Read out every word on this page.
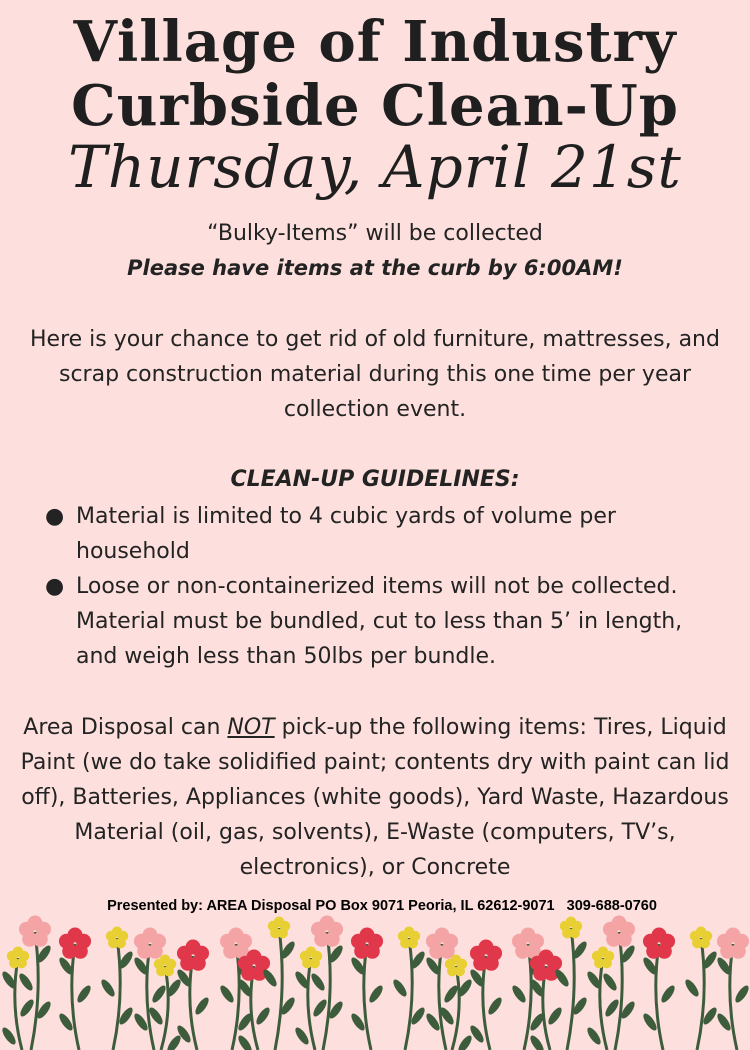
Village of Industry
Curbside Clean-Up
Thursday, April 21st
“Bulky-Items” will be collected
Please have items at the curb by 6:00AM!
Here is your chance to get rid of old furniture, mattresses, and scrap construction material during this one time per year collection event.
CLEAN-UP GUIDELINES:
● Material is limited to 4 cubic yards of volume per household
● Loose or non-containerized items will not be collected. Material must be bundled, cut to less than 5’ in length, and weigh less than 50lbs per bundle.
Area Disposal can NOT pick-up the following items: Tires, Liquid Paint (we do take solidified paint; contents dry with paint can lid off), Batteries, Appliances (white goods), Yard Waste, Hazardous Material (oil, gas, solvents), E-Waste (computers, TV’s, electronics), or Concrete
Presented by: AREA Disposal PO Box 9071 Peoria, IL 62612-9071 309-688-0760
